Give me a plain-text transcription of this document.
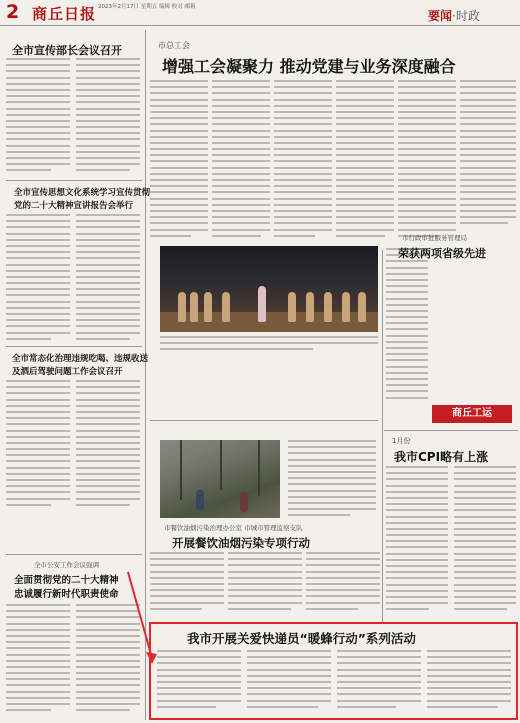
2 商丘日报 2023年2月17日 星期五 编辑 校对 邮箱
要闻·时政
全市宣传部长会议召开
全市宣传思想文化系统学习宣传贯彻
党的二十大精神宣讲报告会举行
全市常态化治理违规吃喝、违规收送
及酒后驾驶问题工作会议召开
全市公安工作会议强调
全面贯彻党的二十大精神
忠诚履行新时代职责使命
市总工会
增强工会凝聚力 推动党建与业务深度融合
商丘工运
市行政审批服务管理局
1月份
我市CPI略有上涨
市餐饮油烟污染治理办公室 市城市管理监察支队
开展餐饮油烟污染专项行动
我市开展关爱快递员“暖蜂行动”系列活动
荣获两项省级先进
